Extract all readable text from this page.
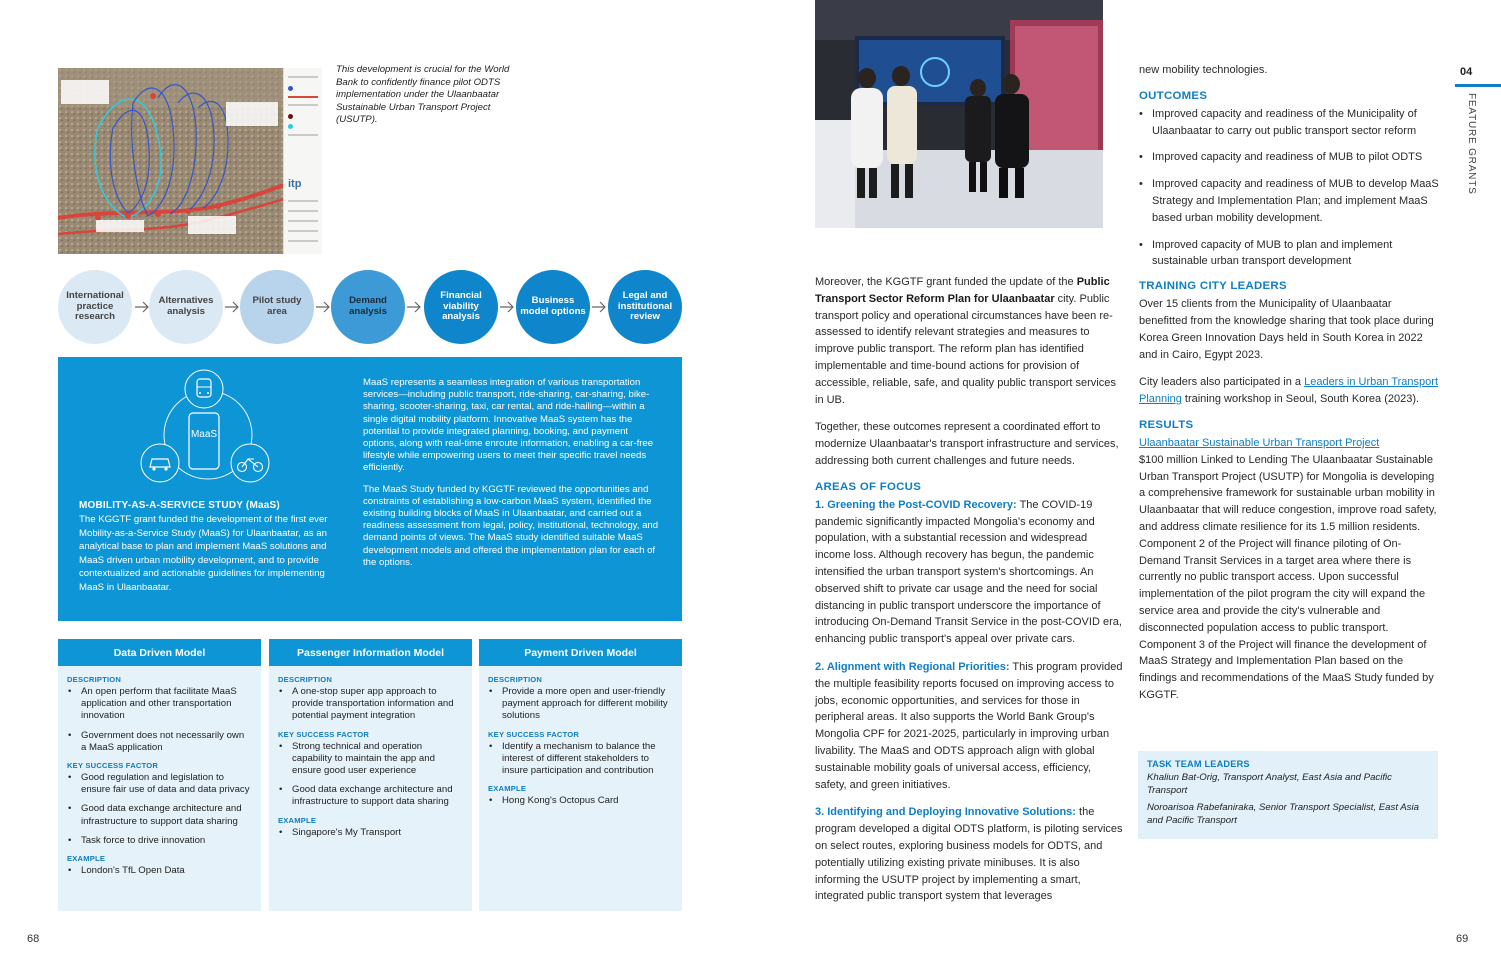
itp

This development is crucial for the World Bank to confidently finance pilot ODTS implementation under the Ulaanbaatar Sustainable Urban Transport Project (USUTP).

International practice research
Alternatives analysis
Pilot study area
Demand analysis
Financial viability analysis
Business model options
Legal and institutional review
MaaS
MOBILITY-AS-A-SERVICE STUDY (MaaS)

The KGGTF grant funded the development of the first ever Mobility-as-a-Service Study (MaaS) for Ulaanbaatar, as an analytical base to plan and implement MaaS solutions and MaaS driven urban mobility development, and to provide contextualized and actionable guidelines for implementing MaaS in Ulaanbaatar.

MaaS represents a seamless integration of various transportation services—including public transport, ride-sharing, car-sharing, bike-sharing, scooter-sharing, taxi, car rental, and ride-hailing—within a single digital mobility platform. Innovative MaaS system has the potential to provide integrated planning, booking, and payment options, along with real-time enroute information, enabling a car-free lifestyle while empowering users to meet their specific travel needs efficiently.

The MaaS Study funded by KGGTF reviewed the opportunities and constraints of establishing a low-carbon MaaS system, identified the existing building blocks of MaaS in Ulaanbaatar, and carried out a readiness assessment from legal, policy, institutional, technology, and demand points of views. The MaaS study identified suitable MaaS development models and offered the implementation plan for each of the options.

Data Driven Model
DESCRIPTION
• An open perform that facilitate MaaS application and other transportation innovation
• Government does not necessarily own a MaaS application
KEY SUCCESS FACTOR
• Good regulation and legislation to ensure fair use of data and data privacy
• Good data exchange architecture and infrastructure to support data sharing
• Task force to drive innovation
EXAMPLE
• London's TfL Open Data
Passenger Information Model
DESCRIPTION
• A one-stop super app approach to provide transportation information and potential payment integration
KEY SUCCESS FACTOR
• Strong technical and operation capability to maintain the app and ensure good user experience
• Good data exchange architecture and infrastructure to support data sharing
EXAMPLE
• Singapore's My Transport
Payment Driven Model
DESCRIPTION
• Provide a more open and user-friendly payment approach for different mobility solutions
KEY SUCCESS FACTOR
• Identify a mechanism to balance the interest of different stakeholders to insure participation and contribution
EXAMPLE
• Hong Kong's Octopus Card
68

Moreover, the KGGTF grant funded the update of the Public Transport Sector Reform Plan for Ulaanbaatar city. Public transport policy and operational circumstances have been re-assessed to identify relevant strategies and measures to improve public transport. The reform plan has identified implementable and time-bound actions for provision of accessible, reliable, safe, and quality public transport services in UB.

Together, these outcomes represent a coordinated effort to modernize Ulaanbaatar's transport infrastructure and services, addressing both current challenges and future needs.

AREAS OF FOCUS

1. Greening the Post-COVID Recovery: The COVID-19 pandemic significantly impacted Mongolia's economy and population, with a substantial recession and widespread income loss. Although recovery has begun, the pandemic intensified the urban transport system's shortcomings. An observed shift to private car usage and the need for social distancing in public transport underscore the importance of introducing On-Demand Transit Service in the post-COVID era, enhancing public transport's appeal over private cars.

2. Alignment with Regional Priorities: This program provided the multiple feasibility reports focused on improving access to jobs, economic opportunities, and services for those in peripheral areas. It also supports the World Bank Group's Mongolia CPF for 2021-2025, particularly in improving urban livability. The MaaS and ODTS approach align with global sustainable mobility goals of universal access, efficiency, safety, and green initiatives.

3. Identifying and Deploying Innovative Solutions: the program developed a digital ODTS platform, is piloting services on select routes, exploring business models for ODTS, and potentially utilizing existing private minibuses. It is also informing the USUTP project by implementing a smart, integrated public transport system that leverages

new mobility technologies.

OUTCOMES
• Improved capacity and readiness of the Municipality of Ulaanbaatar to carry out public transport sector reform
• Improved capacity and readiness of MUB to pilot ODTS
• Improved capacity and readiness of MUB to develop MaaS Strategy and Implementation Plan; and implement MaaS based urban mobility development.
• Improved capacity of MUB to plan and implement sustainable urban transport development
TRAINING CITY LEADERS

Over 15 clients from the Municipality of Ulaanbaatar benefitted from the knowledge sharing that took place during Korea Green Innovation Days held in South Korea in 2022 and in Cairo, Egypt 2023.

City leaders also participated in a Leaders in Urban Transport Planning training workshop in Seoul, South Korea (2023).

RESULTS
Ulaanbaatar Sustainable Urban Transport Project

$100 million Linked to Lending The Ulaanbaatar Sustainable Urban Transport Project (USUTP) for Mongolia is developing a comprehensive framework for sustainable urban mobility in Ulaanbaatar that will reduce congestion, improve road safety, and address climate resilience for its 1.5 million residents. Component 2 of the Project will finance piloting of On-Demand Transit Services in a target area where there is currently no public transport access. Upon successful implementation of the pilot program the city will expand the service area and provide the city's vulnerable and disconnected population access to public transport. Component 3 of the Project will finance the development of MaaS Strategy and Implementation Plan based on the findings and recommendations of the MaaS Study funded by KGGTF.

TASK TEAM LEADERS
Khaliun Bat-Orig, Transport Analyst, East Asia and Pacific Transport
Noroarisoa Rabefaniraka, Senior Transport Specialist, East Asia and Pacific Transport
04
FEATURE GRANTS
69
